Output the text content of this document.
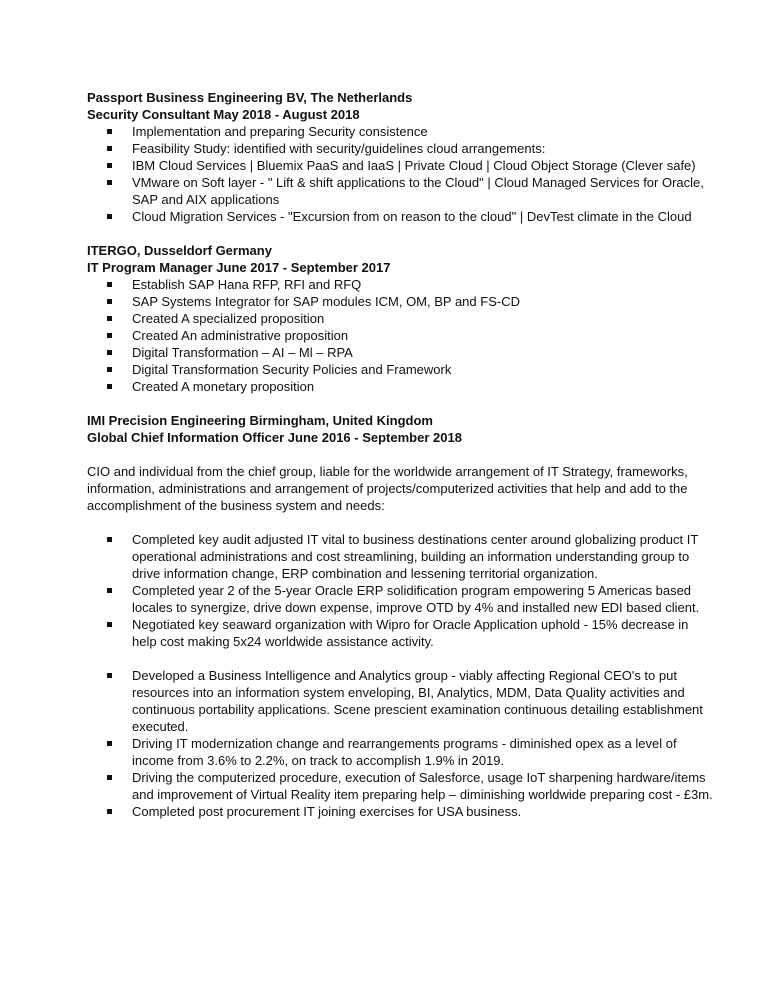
Passport Business Engineering BV, The Netherlands

Security Consultant May 2018 - August 2018

Implementation and preparing Security consistence
Feasibility Study: identified with security/guidelines cloud arrangements:
IBM Cloud Services | Bluemix PaaS and IaaS | Private Cloud | Cloud Object Storage (Clever safe)
VMware on Soft layer - " Lift & shift applications to the Cloud" | Cloud Managed Services for Oracle, SAP and AIX applications
Cloud Migration Services - "Excursion from on reason to the cloud" | DevTest climate in the Cloud

ITERGO, Dusseldorf Germany

IT Program Manager June 2017 - September 2017

Establish SAP Hana RFP, RFI and RFQ
SAP Systems Integrator for SAP modules ICM, OM, BP and FS-CD
Created A specialized proposition
Created An administrative proposition
Digital Transformation – AI – Ml – RPA
Digital Transformation Security Policies and Framework
Created A monetary proposition

IMI Precision Engineering Birmingham, United Kingdom

Global Chief Information Officer June 2016 - September 2018

CIO and individual from the chief group, liable for the worldwide arrangement of IT Strategy, frameworks, information, administrations and arrangement of projects/computerized activities that help and add to the accomplishment of the business system and needs:

Completed key audit adjusted IT vital to business destinations center around globalizing product IT operational administrations and cost streamlining, building an information understanding group to drive information change, ERP combination and lessening territorial organization.
Completed year 2 of the 5-year Oracle ERP solidification program empowering 5 Americas based locales to synergize, drive down expense, improve OTD by 4% and installed new EDI based client.
Negotiated key seaward organization with Wipro for Oracle Application uphold - 15% decrease in help cost making 5x24 worldwide assistance activity.
Developed a Business Intelligence and Analytics group - viably affecting Regional CEO's to put resources into an information system enveloping, BI, Analytics, MDM, Data Quality activities and continuous portability applications. Scene prescient examination continuous detailing establishment executed.
Driving IT modernization change and rearrangements programs - diminished opex as a level of income from 3.6% to 2.2%, on track to accomplish 1.9% in 2019.
Driving the computerized procedure, execution of Salesforce, usage IoT sharpening hardware/items and improvement of Virtual Reality item preparing help – diminishing worldwide preparing cost - £3m.
Completed post procurement IT joining exercises for USA business.
